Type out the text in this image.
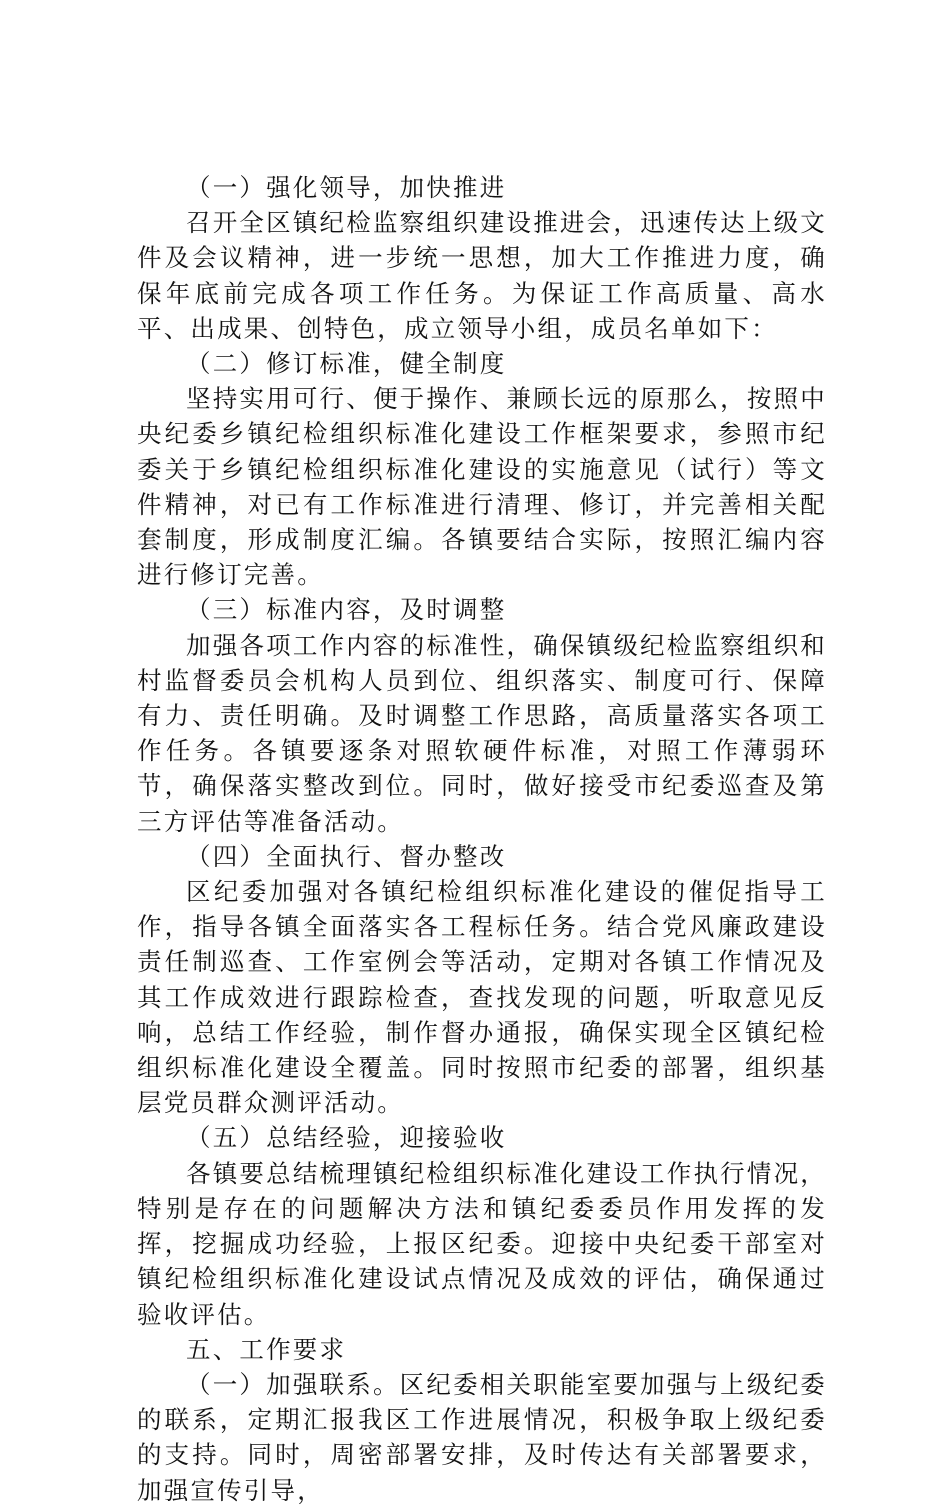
（一）强化领导，加快推进

召开全区镇纪检监察组织建设推进会，迅速传达上级文件及会议精神，进一步统一思想，加大工作推进力度，确保年底前完成各项工作任务。为保证工作高质量、高水平、出成果、创特色，成立领导小组，成员名单如下：

（二）修订标准，健全制度

坚持实用可行、便于操作、兼顾长远的原那么，按照中央纪委乡镇纪检组织标准化建设工作框架要求，参照市纪委关于乡镇纪检组织标准化建设的实施意见（试行）等文件精神，对已有工作标准进行清理、修订，并完善相关配套制度，形成制度汇编。各镇要结合实际，按照汇编内容进行修订完善。

（三）标准内容，及时调整

加强各项工作内容的标准性，确保镇级纪检监察组织和村监督委员会机构人员到位、组织落实、制度可行、保障有力、责任明确。及时调整工作思路，高质量落实各项工作任务。各镇要逐条对照软硬件标准，对照工作薄弱环节，确保落实整改到位。同时，做好接受市纪委巡查及第三方评估等准备活动。

（四）全面执行、督办整改

区纪委加强对各镇纪检组织标准化建设的催促指导工作，指导各镇全面落实各工程标任务。结合党风廉政建设责任制巡查、工作室例会等活动，定期对各镇工作情况及其工作成效进行跟踪检查，查找发现的问题，听取意见反响，总结工作经验，制作督办通报，确保实现全区镇纪检组织标准化建设全覆盖。同时按照市纪委的部署，组织基层党员群众测评活动。

（五）总结经验，迎接验收

各镇要总结梳理镇纪检组织标准化建设工作执行情况，特别是存在的问题解决方法和镇纪委委员作用发挥的发挥，挖掘成功经验，上报区纪委。迎接中央纪委干部室对镇纪检组织标准化建设试点情况及成效的评估，确保通过验收评估。

五、工作要求

（一）加强联系。区纪委相关职能室要加强与上级纪委的联系，定期汇报我区工作进展情况，积极争取上级纪委的支持。同时，周密部署安排，及时传达有关部署要求，加强宣传引导，
